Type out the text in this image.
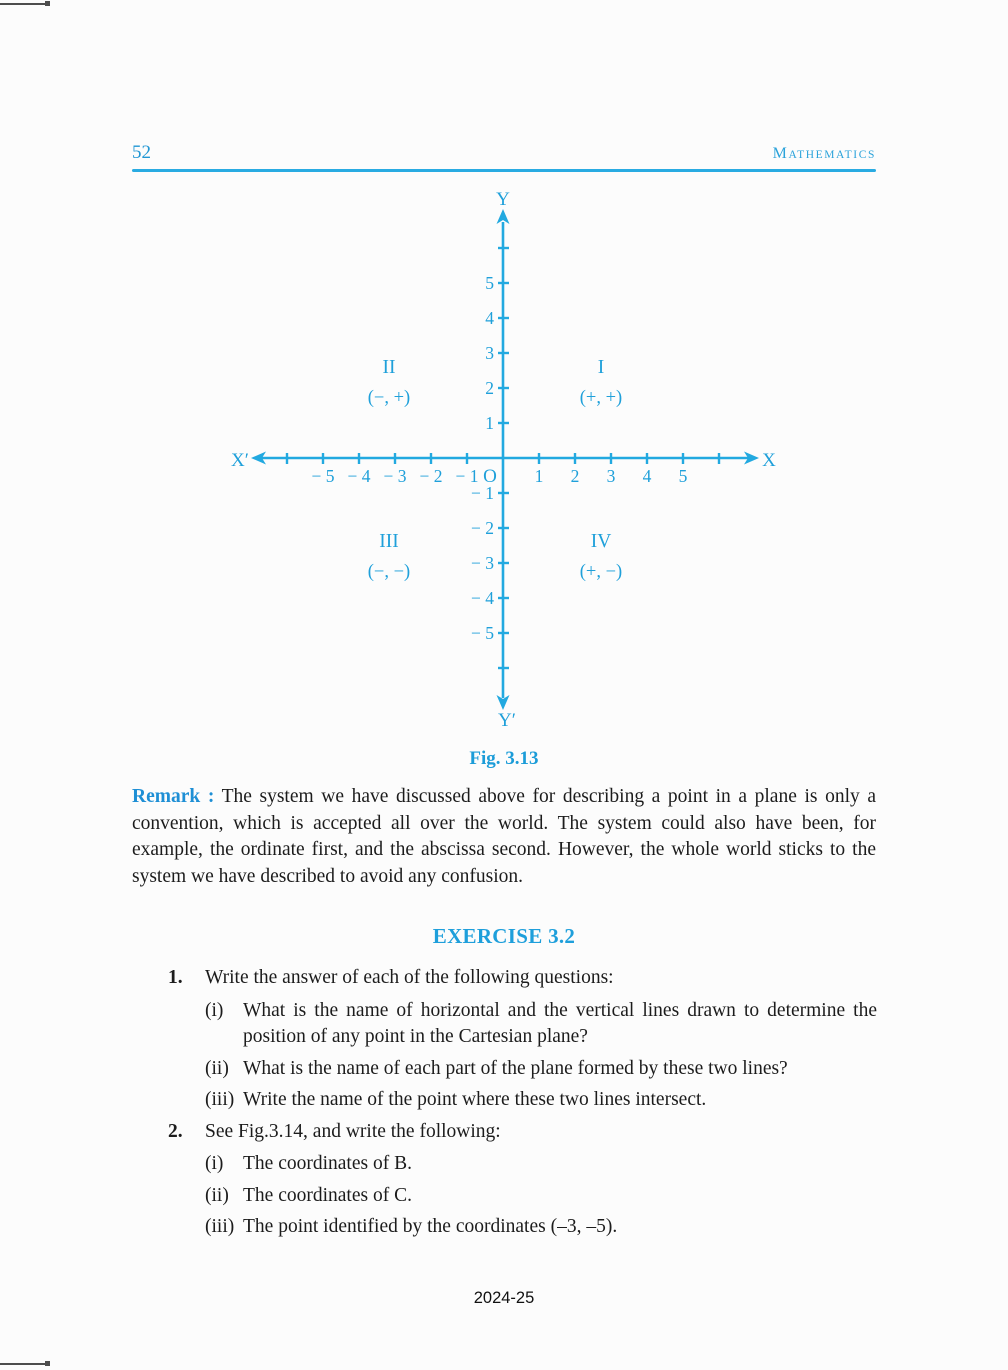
52	MATHEMATICS
− 5 − 4 − 3 − 2 − 1	1 2 3 4 5
− 5
− 4
− 3
− 2
− 1
1
2
3
4
5
I
(+, +)
II
(−, +)
III
(−, −)
IV
(+, −)
X′	X
Y
Y′
O
Fig. 3.13

Remark : The system we have discussed above for describing a point in a plane is only a convention, which is accepted all over the world. The system could also have been, for example, the ordinate first, and the abscissa second. However, the whole world sticks to the system we have described to avoid any confusion.

EXERCISE 3.2
1.	Write the answer of each of the following questions:
(i)	What is the name of horizontal and the vertical lines drawn to determine the position of any point in the Cartesian plane?
(ii) What is the name of each part of the plane formed by these two lines?
(iii) Write the name of the point where these two lines intersect.
2.	See Fig.3.14, and write the following:
(i)	The coordinates of B.
(ii) The coordinates of C.
(iii) The point identified by the coordinates (–3, –5).
2024-25
